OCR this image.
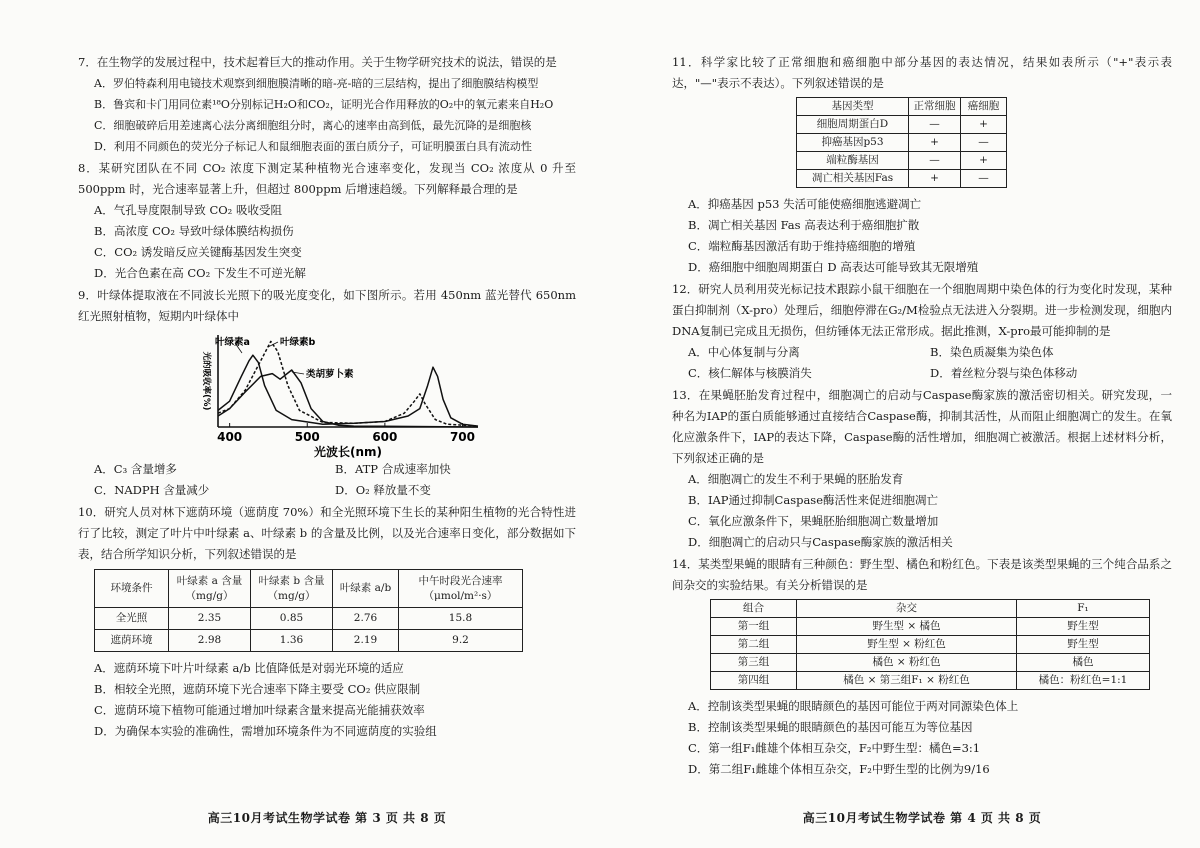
7．在生物学的发展过程中，技术起着巨大的推动作用。关于生物学研究技术的说法，错误的是
A．罗伯特森利用电镜技术观察到细胞膜清晰的暗-亮-暗的三层结构，提出了细胞膜结构模型
B．鲁宾和卡门用同位素¹⁸O分别标记H₂O和CO₂，证明光合作用释放的O₂中的氧元素来自H₂O
C．细胞破碎后用差速离心法分离细胞组分时，离心的速率由高到低，最先沉降的是细胞核
D．利用不同颜色的荧光分子标记人和鼠细胞表面的蛋白质分子，可证明膜蛋白具有流动性
8．某研究团队在不同 CO₂ 浓度下测定某种植物光合速率变化，发现当 CO₂ 浓度从 0 升至 500ppm 时，光合速率显著上升，但超过 800ppm 后增速趋缓。下列解释最合理的是
A．气孔导度限制导致 CO₂ 吸收受阻
B．高浓度 CO₂ 导致叶绿体膜结构损伤
C．CO₂ 诱发暗反应关键酶基因发生突变
D．光合色素在高 CO₂ 下发生不可逆光解
9．叶绿体提取液在不同波长光照下的吸光度变化，如下图所示。若用 450nm 蓝光替代 650nm 红光照射植物，短期内叶绿体中
400	500	600	700
光波长(nm)
光的吸收率(%)
叶绿素a	叶绿素b
类胡萝卜素
A．C₃ 含量增多	B．ATP 合成速率加快
C．NADPH 含量减少	D．O₂ 释放量不变
10．研究人员对林下遮荫环境（遮荫度 70%）和全光照环境下生长的某种阳生植物的光合特性进行了比较，测定了叶片中叶绿素 a、叶绿素 b 的含量及比例，以及光合速率日变化，部分数据如下表，结合所学知识分析，下列叙述错误的是
环境条件	叶绿素 a 含量（mg/g）	叶绿素 b 含量（mg/g）	叶绿素 a/b	中午时段光合速率（μmol/m²·s）
全光照	2.35	0.85	2.76	15.8
遮荫环境	2.98	1.36	2.19	9.2
A．遮荫环境下叶片叶绿素 a/b 比值降低是对弱光环境的适应
B．相较全光照，遮荫环境下光合速率下降主要受 CO₂ 供应限制
C．遮荫环境下植物可能通过增加叶绿素含量来提高光能捕获效率
D．为确保本实验的准确性，需增加环境条件为不同遮荫度的实验组
高三10月考试生物学试卷 第 3 页 共 8 页
11．科学家比较了正常细胞和癌细胞中部分基因的表达情况，结果如表所示（"+"表示表达，"—"表示不表达）。下列叙述错误的是
基因类型	正常细胞	癌细胞
细胞周期蛋白D	—	+
抑癌基因p53	+	—
端粒酶基因	—	+
凋亡相关基因Fas	+	—
A．抑癌基因 p53 失活可能使癌细胞逃避凋亡
B．凋亡相关基因 Fas 高表达利于癌细胞扩散
C．端粒酶基因激活有助于维持癌细胞的增殖
D．癌细胞中细胞周期蛋白 D 高表达可能导致其无限增殖
12．研究人员利用荧光标记技术跟踪小鼠干细胞在一个细胞周期中染色体的行为变化时发现，某种蛋白抑制剂（X-pro）处理后，细胞停滞在G₂/M检验点无法进入分裂期。进一步检测发现，细胞内DNA复制已完成且无损伤，但纺锤体无法正常形成。据此推测，X-pro最可能抑制的是
A．中心体复制与分离	B．染色质凝集为染色体
C．核仁解体与核膜消失	D．着丝粒分裂与染色体移动
13．在果蝇胚胎发育过程中，细胞凋亡的启动与Caspase酶家族的激活密切相关。研究发现，一种名为IAP的蛋白质能够通过直接结合Caspase酶，抑制其活性，从而阻止细胞凋亡的发生。在氧化应激条件下，IAP的表达下降，Caspase酶的活性增加，细胞凋亡被激活。根据上述材料分析，下列叙述正确的是
A．细胞凋亡的发生不利于果蝇的胚胎发育
B．IAP通过抑制Caspase酶活性来促进细胞凋亡
C．氧化应激条件下，果蝇胚胎细胞凋亡数量增加
D．细胞凋亡的启动只与Caspase酶家族的激活相关
14．某类型果蝇的眼睛有三种颜色：野生型、橘色和粉红色。下表是该类型果蝇的三个纯合品系之间杂交的实验结果。有关分析错误的是
组合	杂交	F₁
第一组	野生型 × 橘色	野生型
第二组	野生型 × 粉红色	野生型
第三组	橘色 × 粉红色	橘色
第四组	橘色 × 第三组F₁ × 粉红色	橘色：粉红色=1:1
A．控制该类型果蝇的眼睛颜色的基因可能位于两对同源染色体上
B．控制该类型果蝇的眼睛颜色的基因可能互为等位基因
C．第一组F₁雌雄个体相互杂交，F₂中野生型：橘色=3:1
D．第二组F₁雌雄个体相互杂交，F₂中野生型的比例为9/16
高三10月考试生物学试卷 第 4 页 共 8 页
